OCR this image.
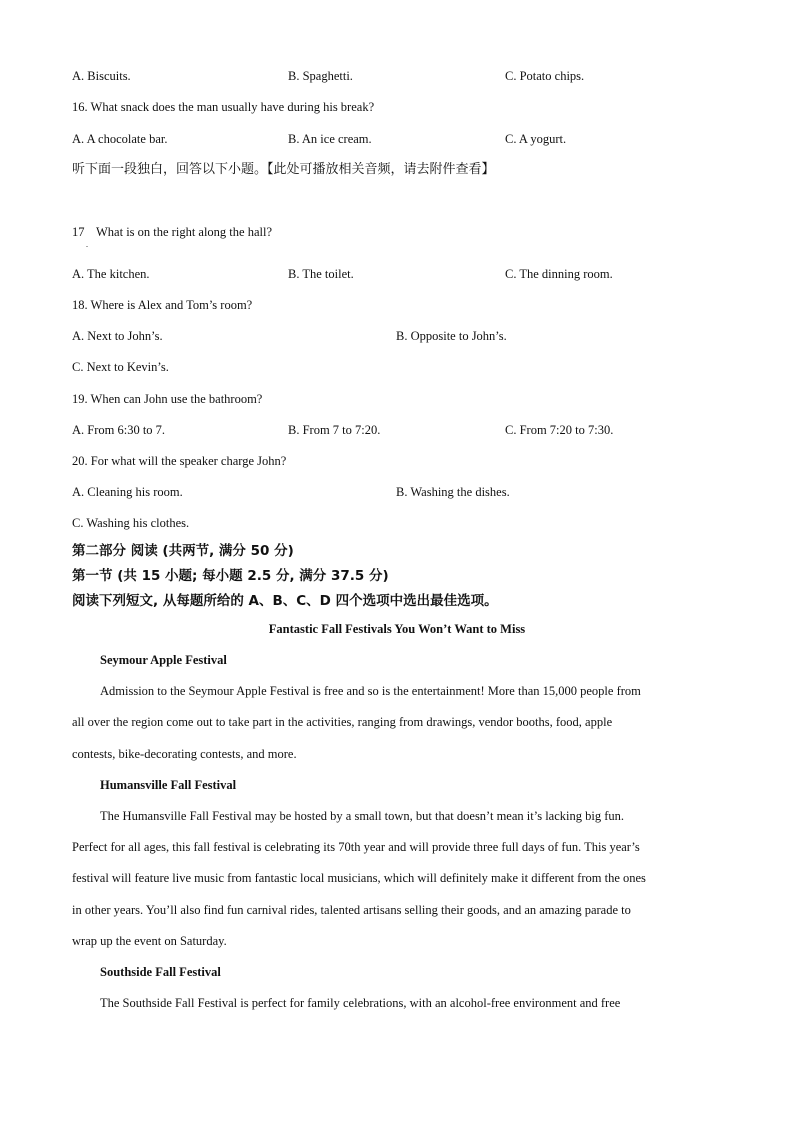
A. Biscuits.	B. Spaghetti.	C. Potato chips.
16. What snack does the man usually have during his break?
A. A chocolate bar.	B. An ice cream.	C. A yogurt.
听下面一段独白，回答以下小题。【此处可播放相关音频，请去附件查看】
17
.
What is on the right along the hall?
A. The kitchen.	B. The toilet.	C. The dinning room.
18. Where is Alex and Tom’s room?
A. Next to John’s.	B. Opposite to John’s.
C. Next to Kevin’s.
19. When can John use the bathroom?
A. From 6:30 to 7.	B. From 7 to 7:20.	C. From 7:20 to 7:30.
20. For what will the speaker charge John?
A. Cleaning his room.	B. Washing the dishes.
C. Washing his clothes.
第二部分 阅读 (共两节, 满分 50 分)
第一节 (共 15 小题; 每小题 2.5 分, 满分 37.5 分)
阅读下列短文, 从每题所给的 A、B、C、D 四个选项中选出最佳选项。
Fantastic Fall Festivals You Won’t Want to Miss
Seymour Apple Festival
Admission to the Seymour Apple Festival is free and so is the entertainment! More than 15,000 people from
all over the region come out to take part in the activities, ranging from drawings, vendor booths, food, apple
contests, bike-decorating contests, and more.
Humansville Fall Festival
The Humansville Fall Festival may be hosted by a small town, but that doesn’t mean it’s lacking big fun.
Perfect for all ages, this fall festival is celebrating its 70th year and will provide three full days of fun. This year’s
festival will feature live music from fantastic local musicians, which will definitely make it different from the ones
in other years. You’ll also find fun carnival rides, talented artisans selling their goods, and an amazing parade to
wrap up the event on Saturday.
Southside Fall Festival
The Southside Fall Festival is perfect for family celebrations, with an alcohol-free environment and free
